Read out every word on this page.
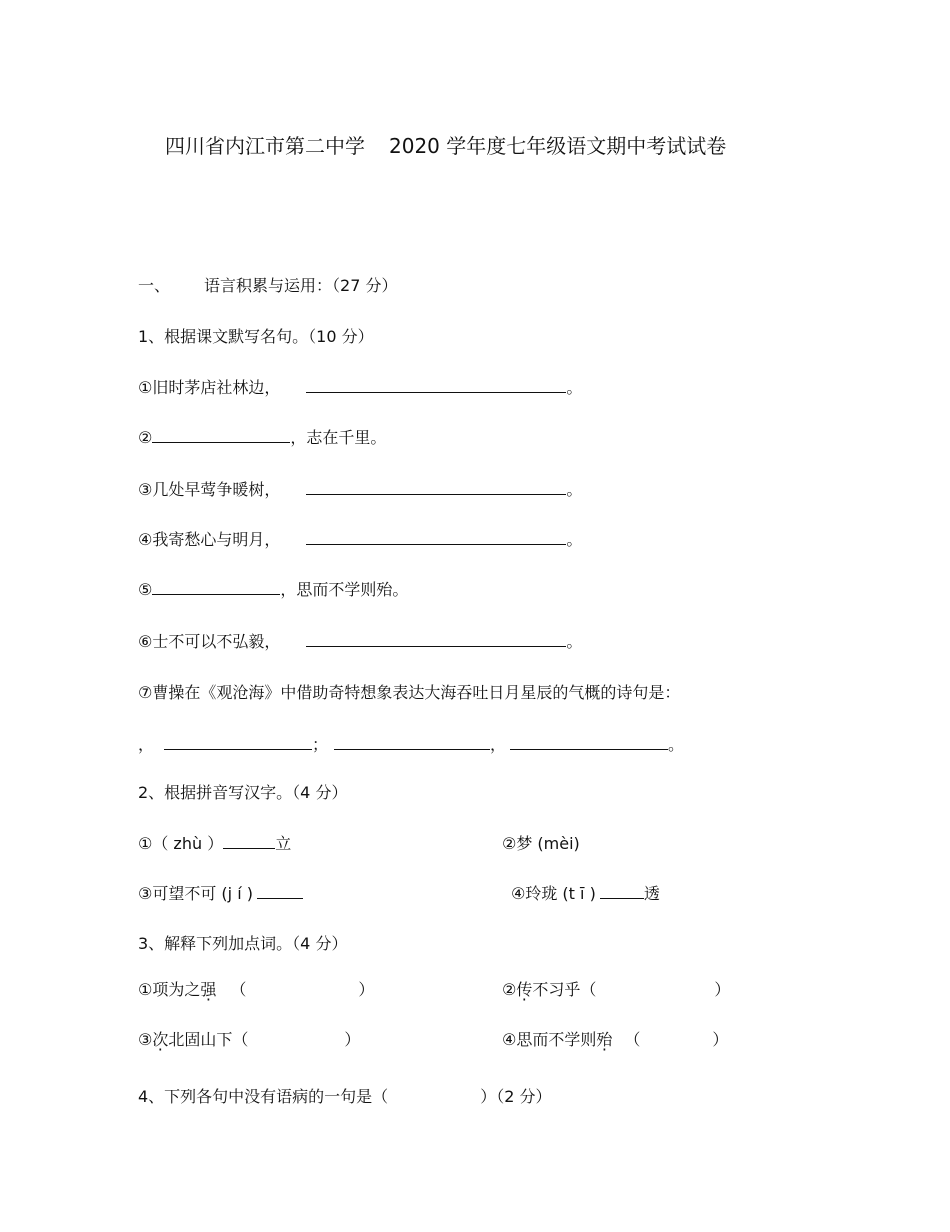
四川省内江市第二中学 2020 学年度七年级语文期中考试试卷
一、 语言积累与运用：（27 分）
1、根据课文默写名句。（10 分）
①旧时茅店社林边，	。
②	，志在千里。
③几处早莺争暖树，	。
④我寄愁心与明月，	。
⑤	，思而不学则殆。
⑥士不可以不弘毅，	。
⑦曹操在《观沧海》中借助奇特想象表达大海吞吐日月星辰的气概的诗句是：
，	；	，	。
2、根据拼音写汉字。（4 分）
①（ zhù ）	立	②梦 (mèi)
③可望不可 (j í )	④玲珑 (t ī )	透
3、解释下列加点词。（4 分）
①项为之强 （	）	②传不习乎（	）
③次北固山下（	）	④思而不学则殆 （	）
4、下列各句中没有语病的一句是（	）（2 分）
